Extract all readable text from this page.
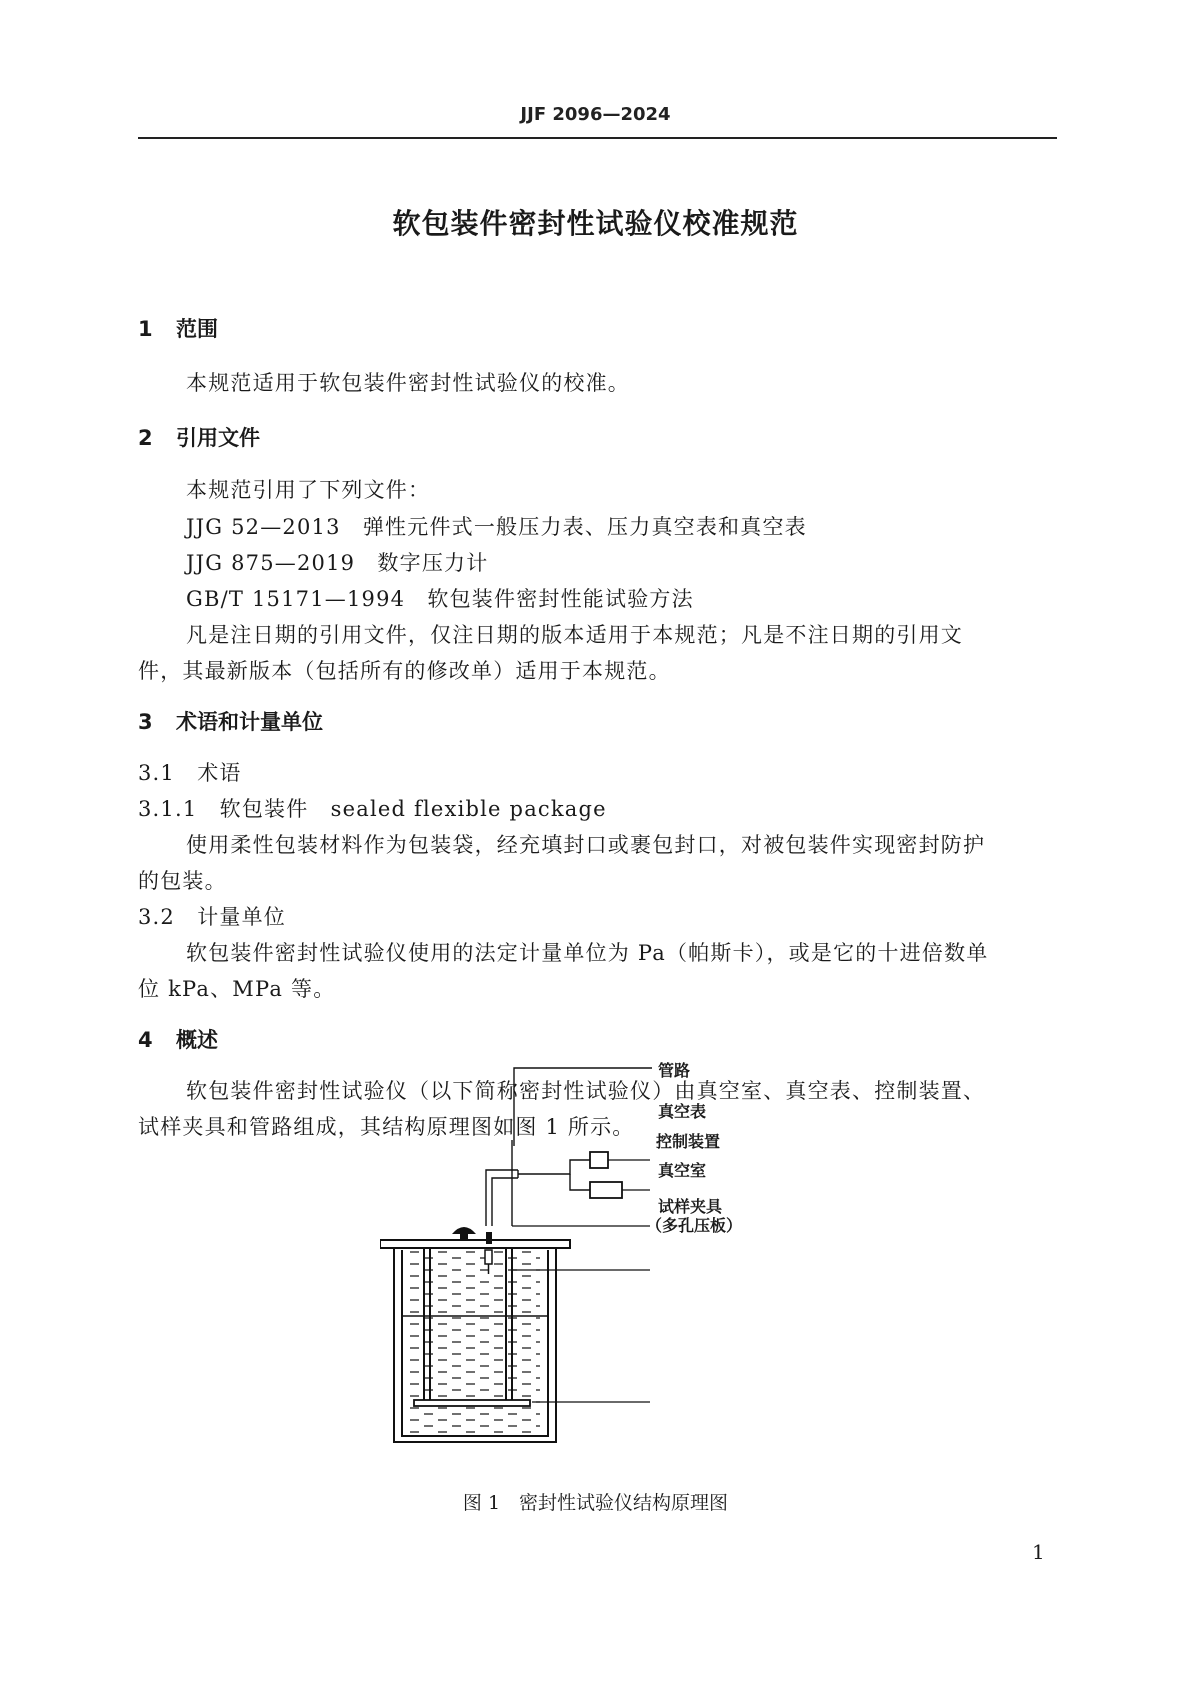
JJF 2096—2024
软包装件密封性试验仪校准规范
1 范围
本规范适用于软包装件密封性试验仪的校准。
2 引用文件
本规范引用了下列文件：
JJG 52—2013　弹性元件式一般压力表、压力真空表和真空表
JJG 875—2019　数字压力计
GB/T 15171—1994　软包装件密封性能试验方法
凡是注日期的引用文件，仅注日期的版本适用于本规范；凡是不注日期的引用文
件，其最新版本（包括所有的修改单）适用于本规范。
3 术语和计量单位
3.1　术语
3.1.1　软包装件　sealed flexible package
使用柔性包装材料作为包装袋，经充填封口或裹包封口，对被包装件实现密封防护
的包装。
3.2　计量单位
软包装件密封性试验仪使用的法定计量单位为 Pa（帕斯卡），或是它的十进倍数单
位 kPa、MPa 等。
4 概述
软包装件密封性试验仪（以下简称密封性试验仪）由真空室、真空表、控制装置、
试样夹具和管路组成，其结构原理图如图 1 所示。
管路
真空表
控制装置
真空室
试样夹具
（多孔压板）
图 1　密封性试验仪结构原理图
1
